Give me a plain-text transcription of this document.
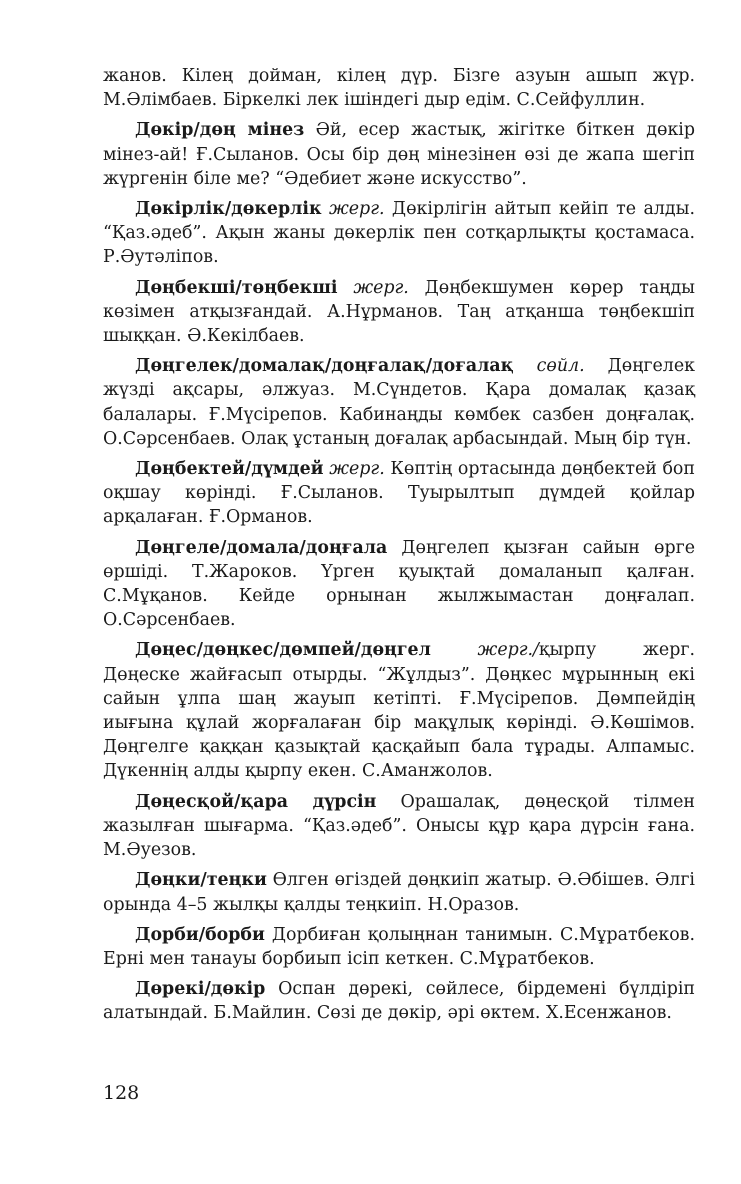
жанов. Кілең дойман, кілең дүр. Бізге азуын ашып жүр. М.Әлімбаев. Біркелкі лек ішіндегі дыр едім. С.Сейфуллин.

Дөкір/дөң мінез Әй, есер жастық, жігітке біткен дөкір мінез-ай! Ғ.Сыланов. Осы бір дөң мінезінен өзі де жапа шегіп жүргенін біле ме? “Әдебиет және искусство”.

Дөкірлік/дөкерлік жерг. Дөкірлігін айтып кейіп те алды. “Қаз.әдеб”. Ақын жаны дөкерлік пен сотқарлықты қостамаса. Р.Әутәліпов.

Дөңбекші/төңбекші жерг. Дөңбекшумен көрер таңды көзімен атқызғандай. А.Нұрманов. Таң атқанша төңбекшіп шыққан. Ә.Кекілбаев.

Дөңгелек/домалақ/доңғалақ/доғалақ сөйл. Дөңгелек жүзді ақсары, әлжуаз. М.Сүндетов. Қара домалақ қазақ балалары. Ғ.Мүсірепов. Кабинаңды көмбек сазбен доңғалақ. О.Сәрсенбаев. Олақ ұстаның доғалақ арбасындай. Мың бір түн.

Дөңбектей/дүмдей жерг. Көптің ортасында дөңбектей боп оқшау көрінді. Ғ.Сыланов. Туырылтып дүмдей қойлар арқалаған. Ғ.Орманов.

Дөңгеле/домала/доңғала Дөңгелеп қызған сайын өрге өршіді. Т.Жароков. Үрген қуықтай домаланып қалған. С.Мұқанов. Кейде орнынан жылжымастан доңғалап. О.Сәрсенбаев.

Дөңес/дөңкес/дөмпей/дөңгел жерг./қырпу жерг. Дөңеске жайғасып отырды. “Жұлдыз”. Дөңкес мұрынның екі сайын ұлпа шаң жауып кетіпті. Ғ.Мүсірепов. Дөмпейдің иығына құлай жорғалаған бір мақұлық көрінді. Ә.Көшімов. Дөңгелге қаққан қазықтай қасқайып бала тұрады. Алпамыс. Дүкеннің алды қырпу екен. С.Аманжолов.

Дөңесқой/қара дүрсін Орашалақ, дөңесқой тілмен жазылған шығарма. “Қаз.әдеб”. Онысы құр қара дүрсін ғана. М.Әуезов.

Дөңки/теңки Өлген өгіздей дөңкиіп жатыр. Ә.Әбішев. Әлгі орында 4–5 жылқы қалды теңкиіп. Н.Оразов.

Дорби/борби Дорбиған қолыңнан танимын. С.Мұратбеков. Ерні мен танауы борбиып ісіп кеткен. С.Мұратбеков.

Дөрекі/дөкір Оспан дөрекі, сөйлесе, бірдемені бүлдіріп алатындай. Б.Майлин. Сөзі де дөкір, әрі өктем. Х.Есенжанов.

128
